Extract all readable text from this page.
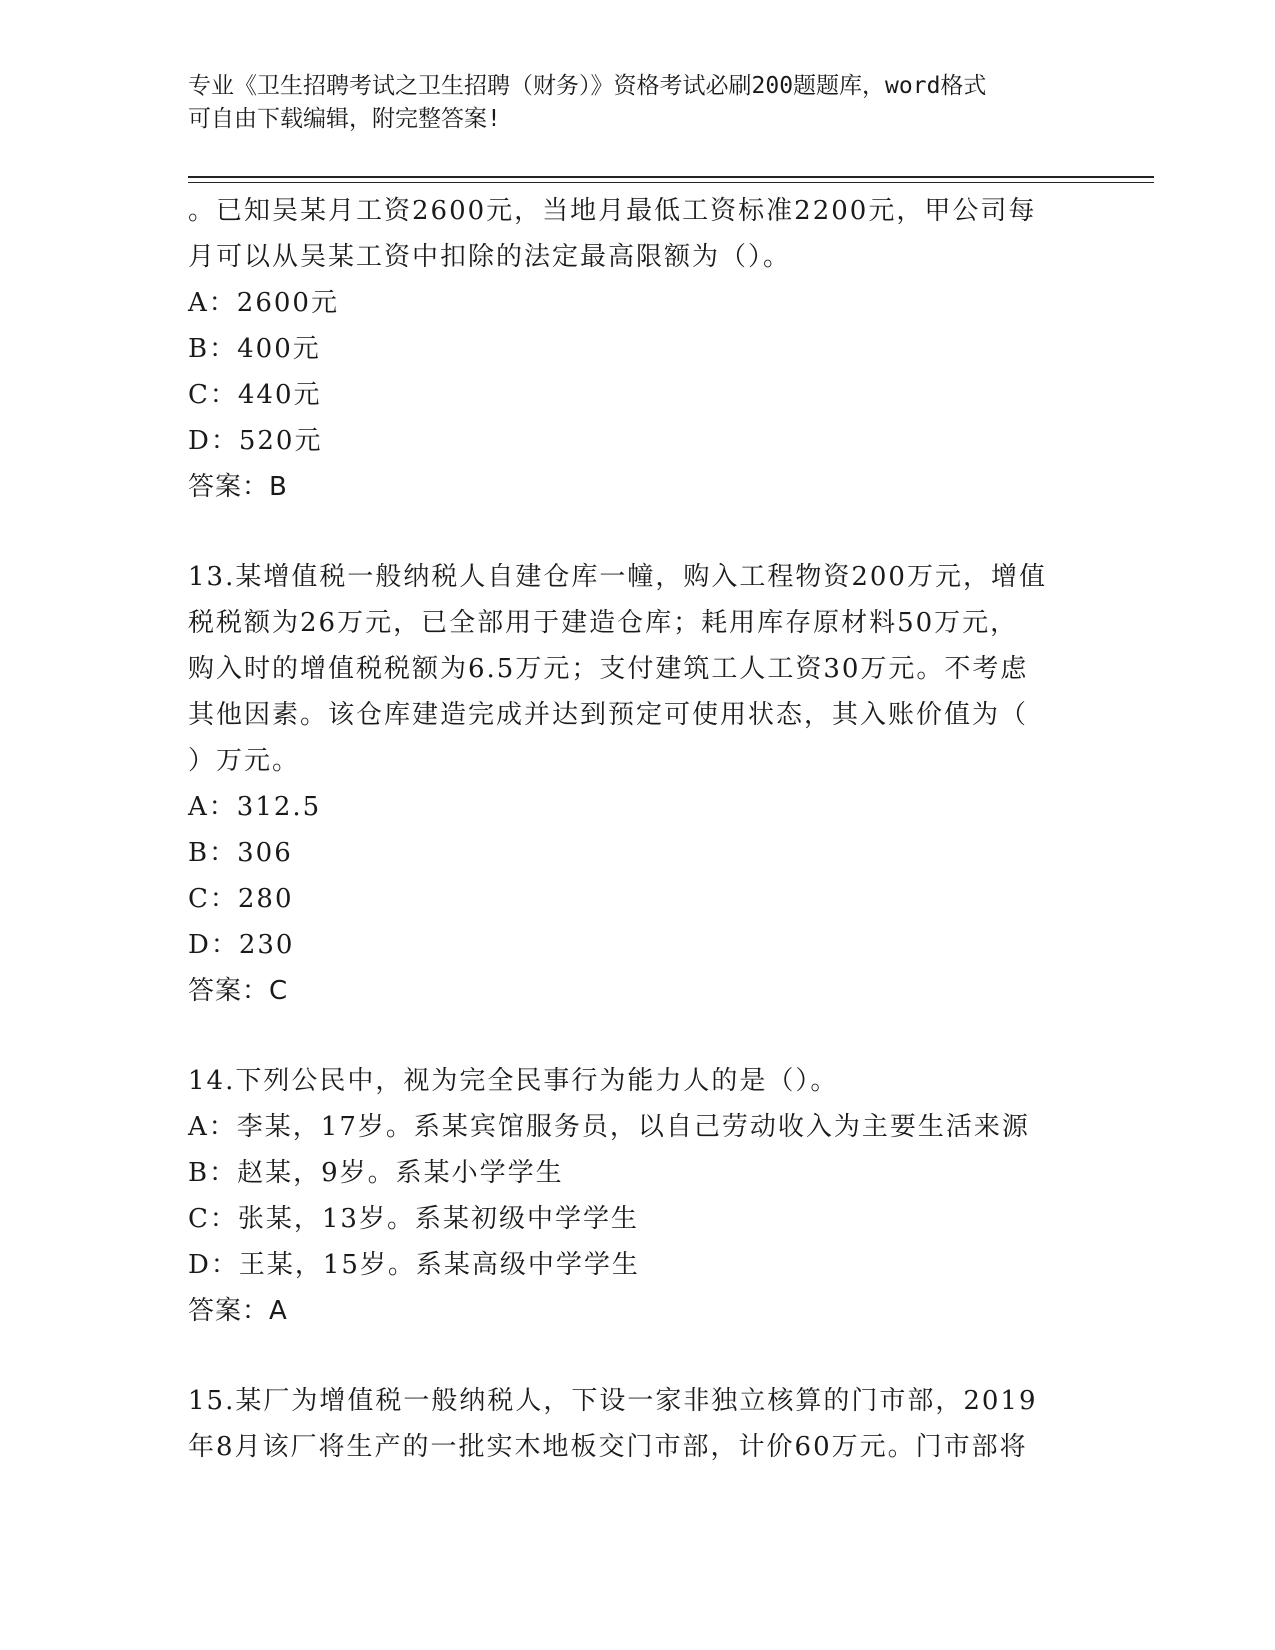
专业《卫生招聘考试之卫生招聘（财务）》资格考试必刷200题题库，word格式
可自由下载编辑，附完整答案!
。已知吴某月工资2600元，当地月最低工资标准2200元，甲公司每
月可以从吴某工资中扣除的法定最高限额为（）。
A：2600元
B：400元
C：440元
D：520元
答案：B
13.某增值税一般纳税人自建仓库一幢，购入工程物资200万元，增值
税税额为26万元，已全部用于建造仓库；耗用库存原材料50万元，
购入时的增值税税额为6.5万元；支付建筑工人工资30万元。不考虑
其他因素。该仓库建造完成并达到预定可使用状态，其入账价值为（
）万元。
A：312.5
B：306
C：280
D：230
答案：C
14.下列公民中，视为完全民事行为能力人的是（）。
A：李某，17岁。系某宾馆服务员，以自己劳动收入为主要生活来源
B：赵某，9岁。系某小学学生
C：张某，13岁。系某初级中学学生
D：王某，15岁。系某高级中学学生
答案：A
15.某厂为增值税一般纳税人，下设一家非独立核算的门市部，2019
年8月该厂将生产的一批实木地板交门市部，计价60万元。门市部将
